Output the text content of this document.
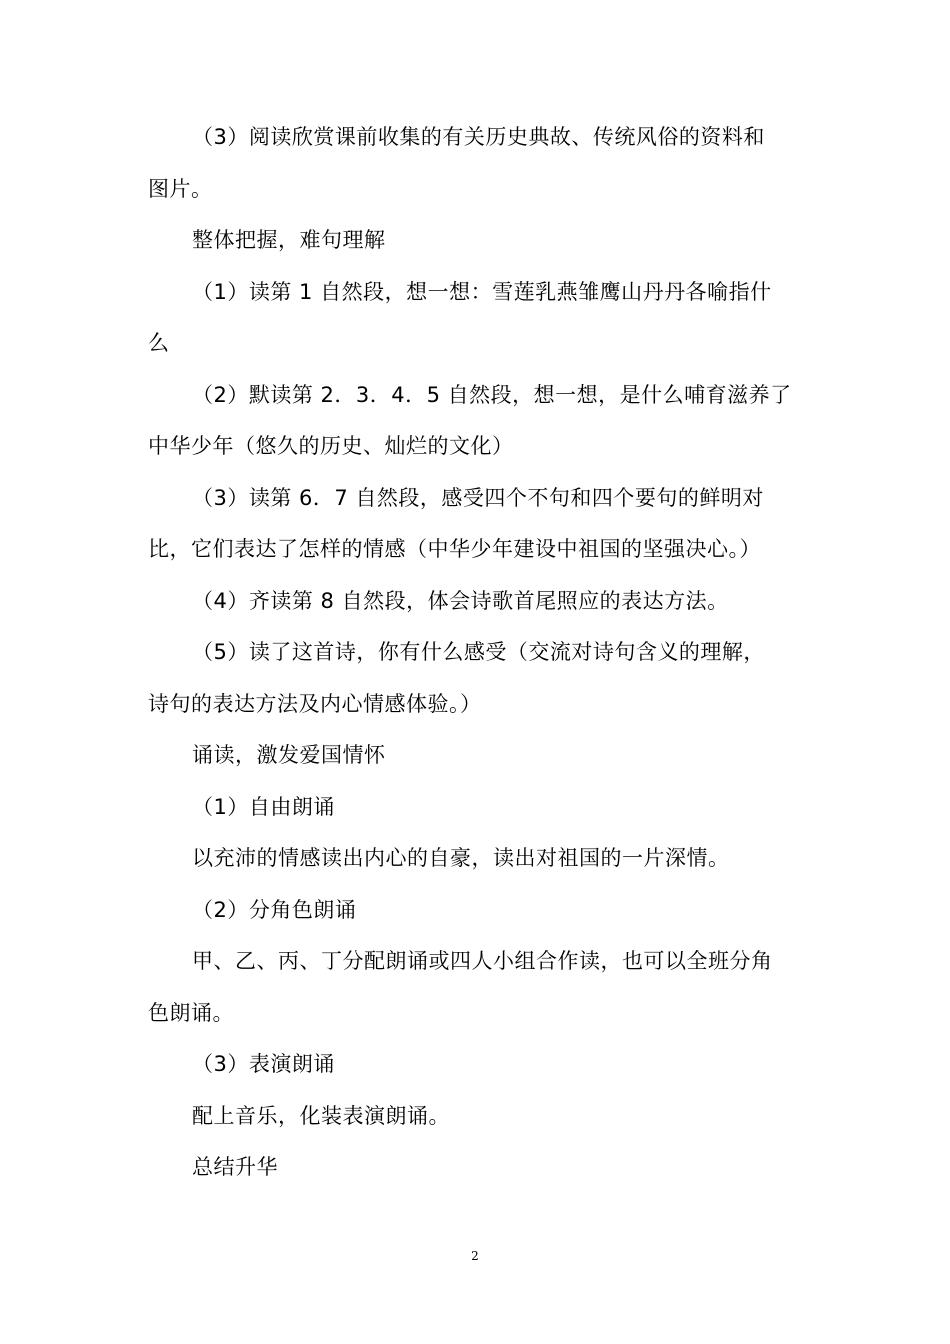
（3）阅读欣赏课前收集的有关历史典故、传统风俗的资料和
图片。
整体把握，难句理解
（1）读第 1 自然段，想一想：雪莲乳燕雏鹰山丹丹各喻指什
么
（2）默读第 2．3．4．5 自然段，想一想，是什么哺育滋养了
中华少年（悠久的历史、灿烂的文化）
（3）读第 6．7 自然段，感受四个不句和四个要句的鲜明对
比，它们表达了怎样的情感（中华少年建设中祖国的坚强决心。）
（4）齐读第 8 自然段，体会诗歌首尾照应的表达方法。
（5）读了这首诗，你有什么感受（交流对诗句含义的理解，
诗句的表达方法及内心情感体验。）
诵读，激发爱国情怀
（1）自由朗诵
以充沛的情感读出内心的自豪，读出对祖国的一片深情。
（2）分角色朗诵
甲、乙、丙、丁分配朗诵或四人小组合作读，也可以全班分角
色朗诵。
（3）表演朗诵
配上音乐，化装表演朗诵。
总结升华
2
